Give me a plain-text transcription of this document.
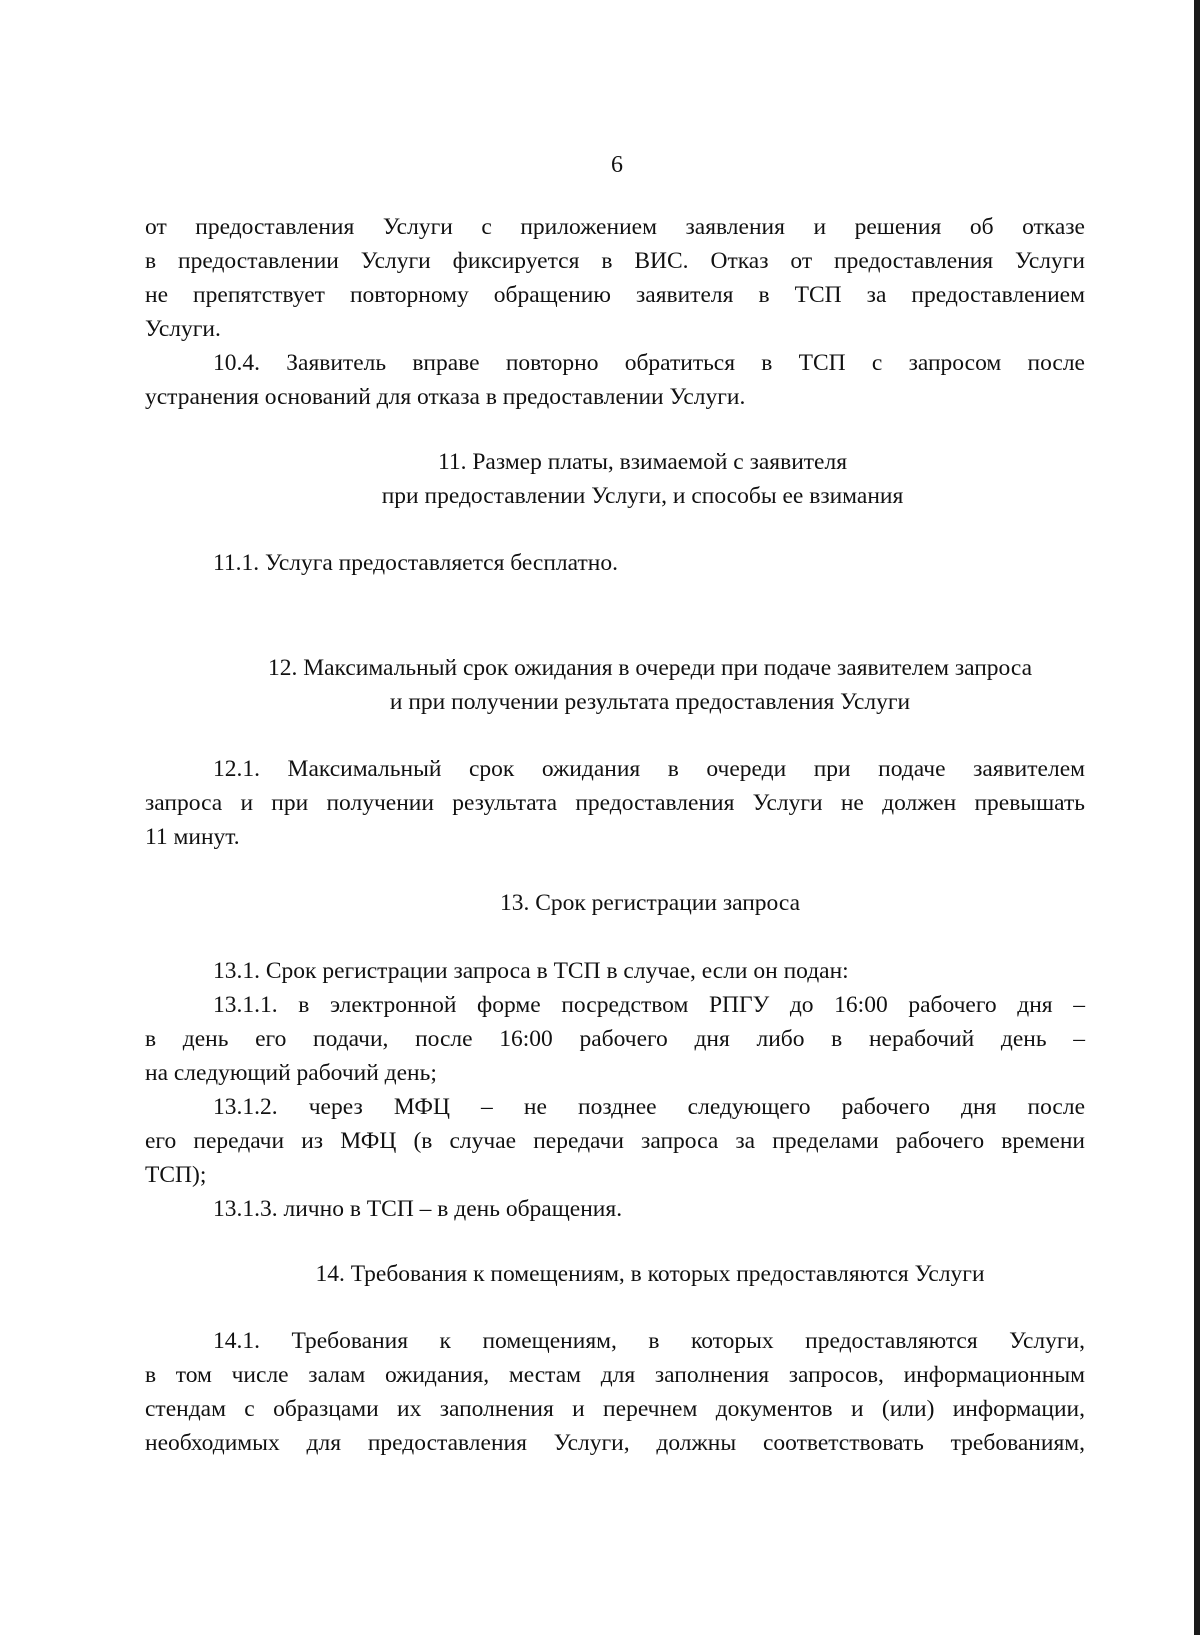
6
от предоставления Услуги с приложением заявления и решения об отказе
в предоставлении Услуги фиксируется в ВИС. Отказ от предоставления Услуги
не препятствует повторному обращению заявителя в ТСП за предоставлением
Услуги.
10.4. Заявитель вправе повторно обратиться в ТСП с запросом после
устранения оснований для отказа в предоставлении Услуги.
11. Размер платы, взимаемой с заявителя
при предоставлении Услуги, и способы ее взимания
11.1. Услуга предоставляется бесплатно.
12. Максимальный срок ожидания в очереди при подаче заявителем запроса
и при получении результата предоставления Услуги
12.1. Максимальный срок ожидания в очереди при подаче заявителем
запроса и при получении результата предоставления Услуги не должен превышать
11 минут.
13. Срок регистрации запроса
13.1. Срок регистрации запроса в ТСП в случае, если он подан:
13.1.1. в электронной форме посредством РПГУ до 16:00 рабочего дня –
в день его подачи, после 16:00 рабочего дня либо в нерабочий день –
на следующий рабочий день;
13.1.2. через МФЦ – не позднее следующего рабочего дня после
его передачи из МФЦ (в случае передачи запроса за пределами рабочего времени
ТСП);
13.1.3. лично в ТСП – в день обращения.
14. Требования к помещениям, в которых предоставляются Услуги
14.1. Требования к помещениям, в которых предоставляются Услуги,
в том числе залам ожидания, местам для заполнения запросов, информационным
стендам с образцами их заполнения и перечнем документов и (или) информации,
необходимых для предоставления Услуги, должны соответствовать требованиям,
